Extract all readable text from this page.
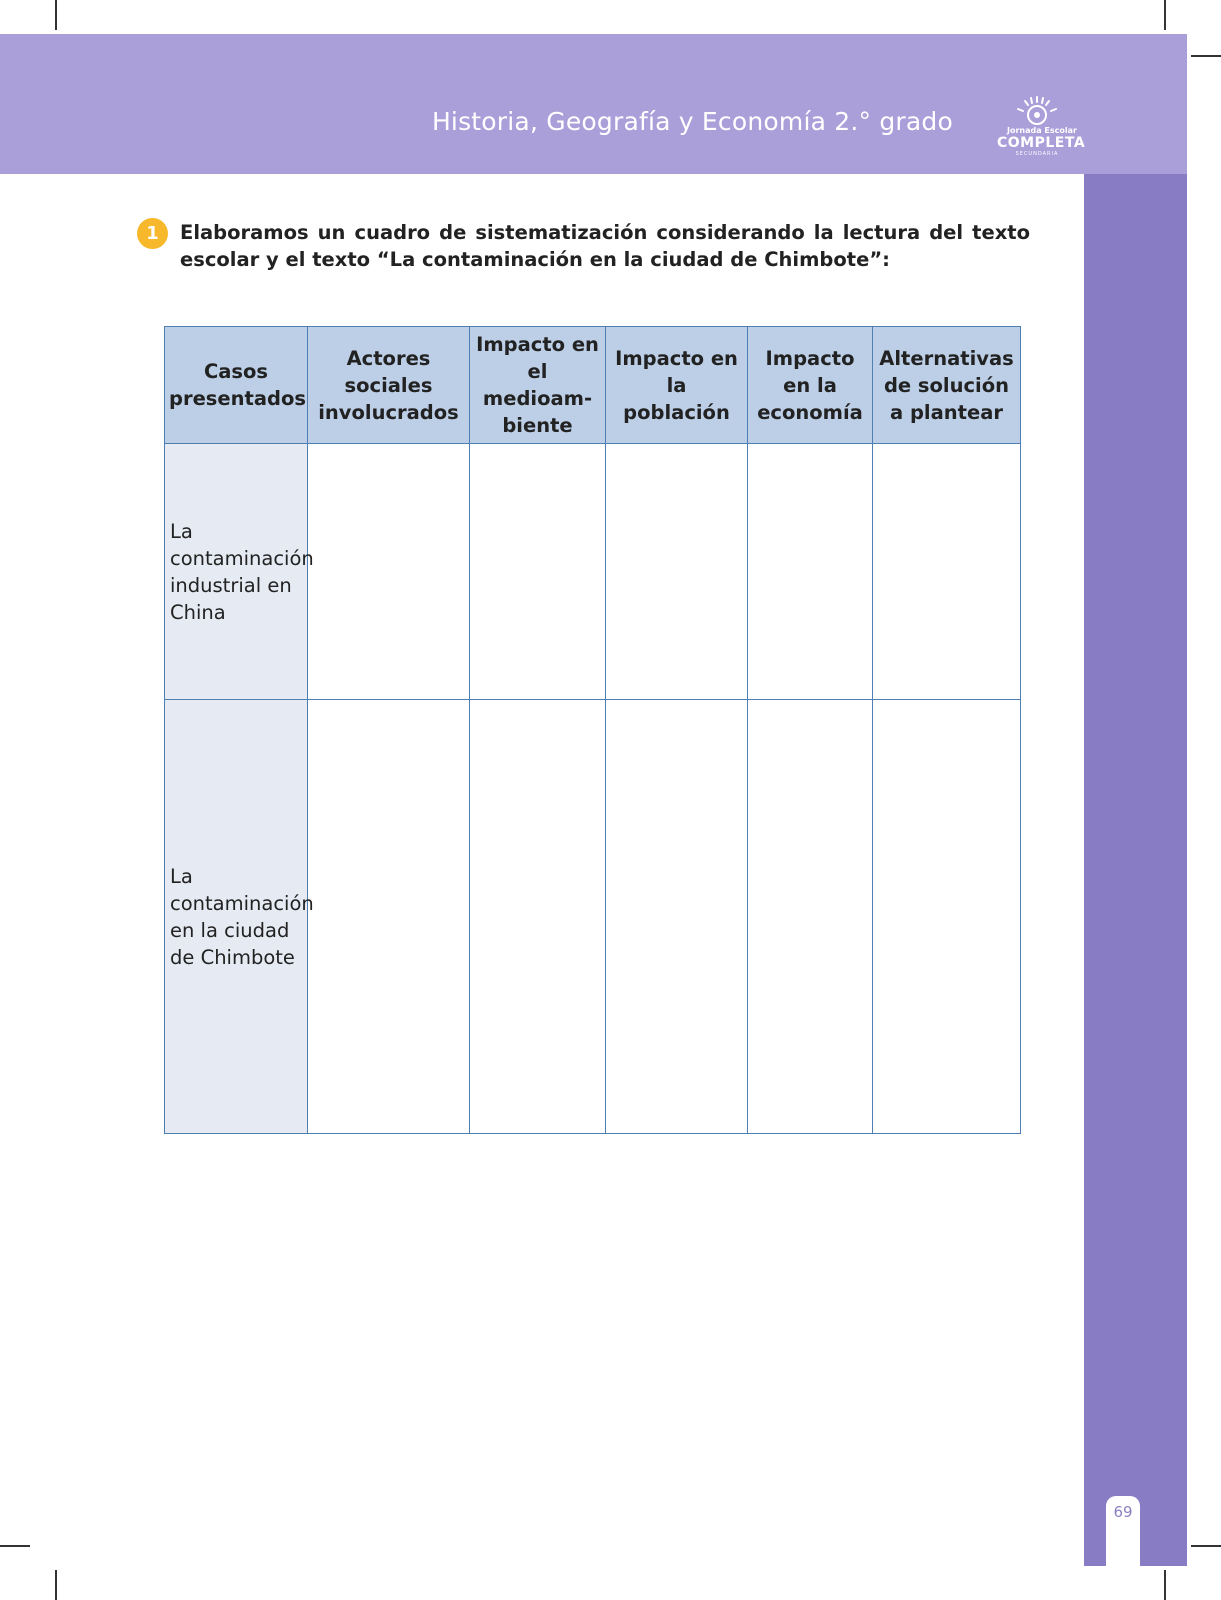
Historia, Geografía y Economía 2.° grado	Jornada Escolar
COMPLETA
SECUNDARIA
69
1	Elaboramos un cuadro de sistematización considerando la lectura del texto escolar y el texto “La contaminación en la ciudad de Chimbote”:
Casos presentados	Actores sociales involucrados	Impacto en el medioam-biente	Impacto en la población	Impacto en la economía	Alternativas de solución a plantear
La contaminación industrial en China					
La contaminación en la ciudad de Chimbote					
